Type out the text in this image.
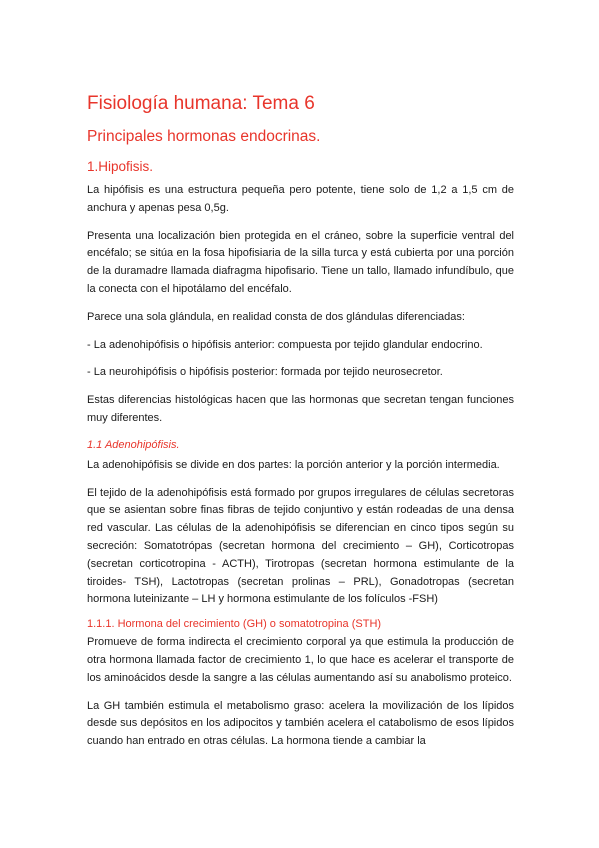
Fisiología humana: Tema 6
Principales hormonas endocrinas.
1.Hipofisis.

La hipófisis es una estructura pequeña pero potente, tiene solo de 1,2 a 1,5 cm de anchura y apenas pesa 0,5g.

Presenta una localización bien protegida en el cráneo, sobre la superficie ventral del encéfalo; se sitúa en la fosa hipofisiaria de la silla turca y está cubierta por una porción de la duramadre llamada diafragma hipofisario. Tiene un tallo, llamado infundíbulo, que la conecta con el hipotálamo del encéfalo.

Parece una sola glándula, en realidad consta de dos glándulas diferenciadas:

- La adenohipófisis o hipófisis anterior: compuesta por tejido glandular endocrino.

- La neurohipófisis o hipófisis posterior: formada por tejido neurosecretor.

Estas diferencias histológicas hacen que las hormonas que secretan tengan funciones muy diferentes.

1.1 Adenohipófisis.

La adenohipófisis se divide en dos partes: la porción anterior y la porción intermedia.

El tejido de la adenohipófisis está formado por grupos irregulares de células secretoras que se asientan sobre finas fibras de tejido conjuntivo y están rodeadas de una densa red vascular. Las células de la adenohipófisis se diferencian en cinco tipos según su secreción: Somatotrópas (secretan hormona del crecimiento – GH), Corticotropas (secretan corticotropina - ACTH), Tirotropas (secretan hormona estimulante de la tiroides- TSH), Lactotropas (secretan prolinas – PRL), Gonadotropas (secretan hormona luteinizante – LH y hormona estimulante de los folículos -FSH)

1.1.1. Hormona del crecimiento (GH) o somatotropina (STH)

Promueve de forma indirecta el crecimiento corporal ya que estimula la producción de otra hormona llamada factor de crecimiento 1, lo que hace es acelerar el transporte de los aminoácidos desde la sangre a las células aumentando así su anabolismo proteico.

La GH también estimula el metabolismo graso: acelera la movilización de los lípidos desde sus depósitos en los adipocitos y también acelera el catabolismo de esos lípidos cuando han entrado en otras células. La hormona tiende a cambiar la
